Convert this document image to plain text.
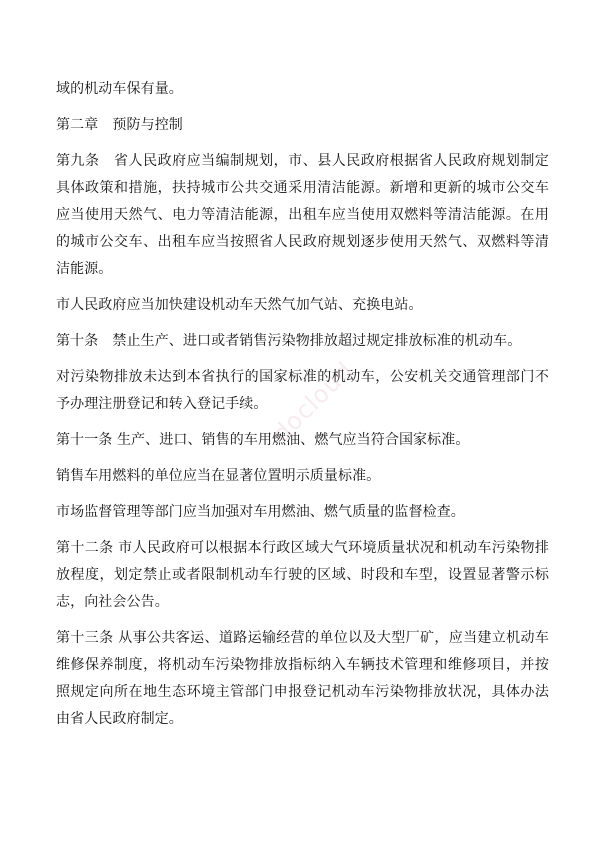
域的机动车保有量。

第二章　预防与控制

第九条　省人民政府应当编制规划，市、县人民政府根据省人民政府规划制定具体政策和措施，扶持城市公共交通采用清洁能源。新增和更新的城市公交车应当使用天然气、电力等清洁能源，出租车应当使用双燃料等清洁能源。在用的城市公交车、出租车应当按照省人民政府规划逐步使用天然气、双燃料等清洁能源。

市人民政府应当加快建设机动车天然气加气站、充换电站。

第十条　禁止生产、进口或者销售污染物排放超过规定排放标准的机动车。

对污染物排放未达到本省执行的国家标准的机动车，公安机关交通管理部门不予办理注册登记和转入登记手续。

第十一条 生产、进口、销售的车用燃油、燃气应当符合国家标准。

销售车用燃料的单位应当在显著位置明示质量标准。

市场监督管理等部门应当加强对车用燃油、燃气质量的监督检查。

第十二条 市人民政府可以根据本行政区域大气环境质量状况和机动车污染物排放程度，划定禁止或者限制机动车行驶的区域、时段和车型，设置显著警示标志，向社会公告。

第十三条 从事公共客运、道路运输经营的单位以及大型厂矿，应当建立机动车维修保养制度，将机动车污染物排放指标纳入车辆技术管理和维修项目，并按照规定向所在地生态环境主管部门申报登记机动车污染物排放状况，具体办法由省人民政府制定。

docloud
